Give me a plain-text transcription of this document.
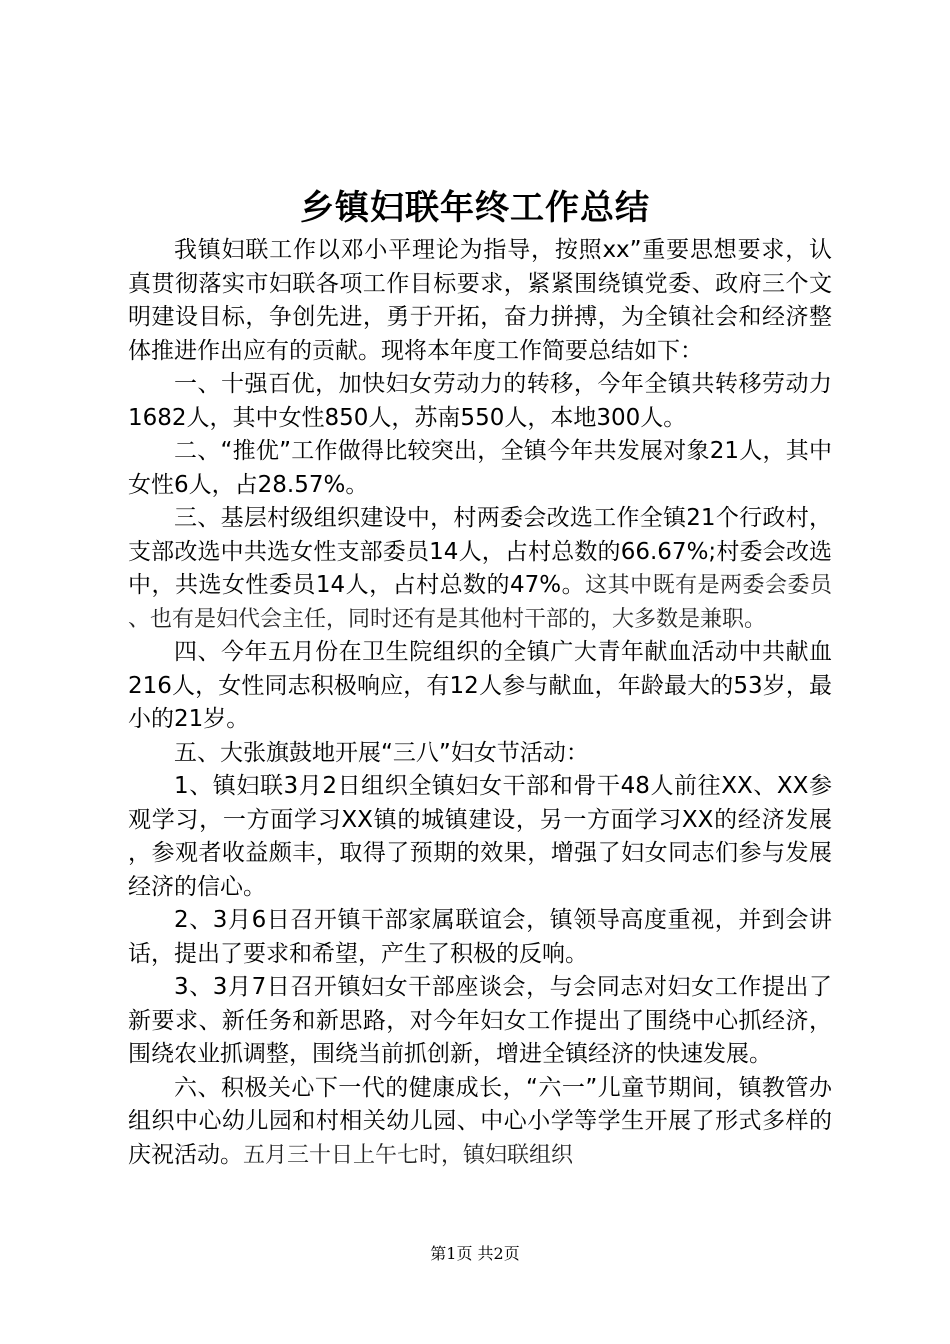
乡镇妇联年终工作总结

我镇妇联工作以邓小平理论为指导，按照xx”重要思想要求，认真贯彻落实市妇联各项工作目标要求，紧紧围绕镇党委、政府三个文明建设目标，争创先进，勇于开拓，奋力拼搏，为全镇社会和经济整体推进作出应有的贡献。现将本年度工作简要总结如下：

一、十强百优，加快妇女劳动力的转移，今年全镇共转移劳动力1682人，其中女性850人，苏南550人，本地300人。

二、“推优”工作做得比较突出，全镇今年共发展对象21人，其中女性6人，占28.57%。

三、基层村级组织建设中，村两委会改选工作全镇21个行政村，支部改选中共选女性支部委员14人，占村总数的66.67%;村委会改选中，共选女性委员14人，占村总数的47%。这其中既有是两委会委员、也有是妇代会主任，同时还有是其他村干部的，大多数是兼职。

四、今年五月份在卫生院组织的全镇广大青年献血活动中共献血216人，女性同志积极响应，有12人参与献血，年龄最大的53岁，最小的21岁。

五、大张旗鼓地开展“三八”妇女节活动：

1、镇妇联3月2日组织全镇妇女干部和骨干48人前往XX、XX参观学习，一方面学习XX镇的城镇建设，另一方面学习XX的经济发展，参观者收益颇丰，取得了预期的效果，增强了妇女同志们参与发展经济的信心。

2、3月6日召开镇干部家属联谊会，镇领导高度重视，并到会讲话，提出了要求和希望，产生了积极的反响。

3、3月7日召开镇妇女干部座谈会，与会同志对妇女工作提出了新要求、新任务和新思路，对今年妇女工作提出了围绕中心抓经济，围绕农业抓调整，围绕当前抓创新，增进全镇经济的快速发展。

六、积极关心下一代的健康成长，“六一”儿童节期间，镇教管办组织中心幼儿园和村相关幼儿园、中心小学等学生开展了形式多样的庆祝活动。五月三十日上午七时，镇妇联组织

第1页 共2页
